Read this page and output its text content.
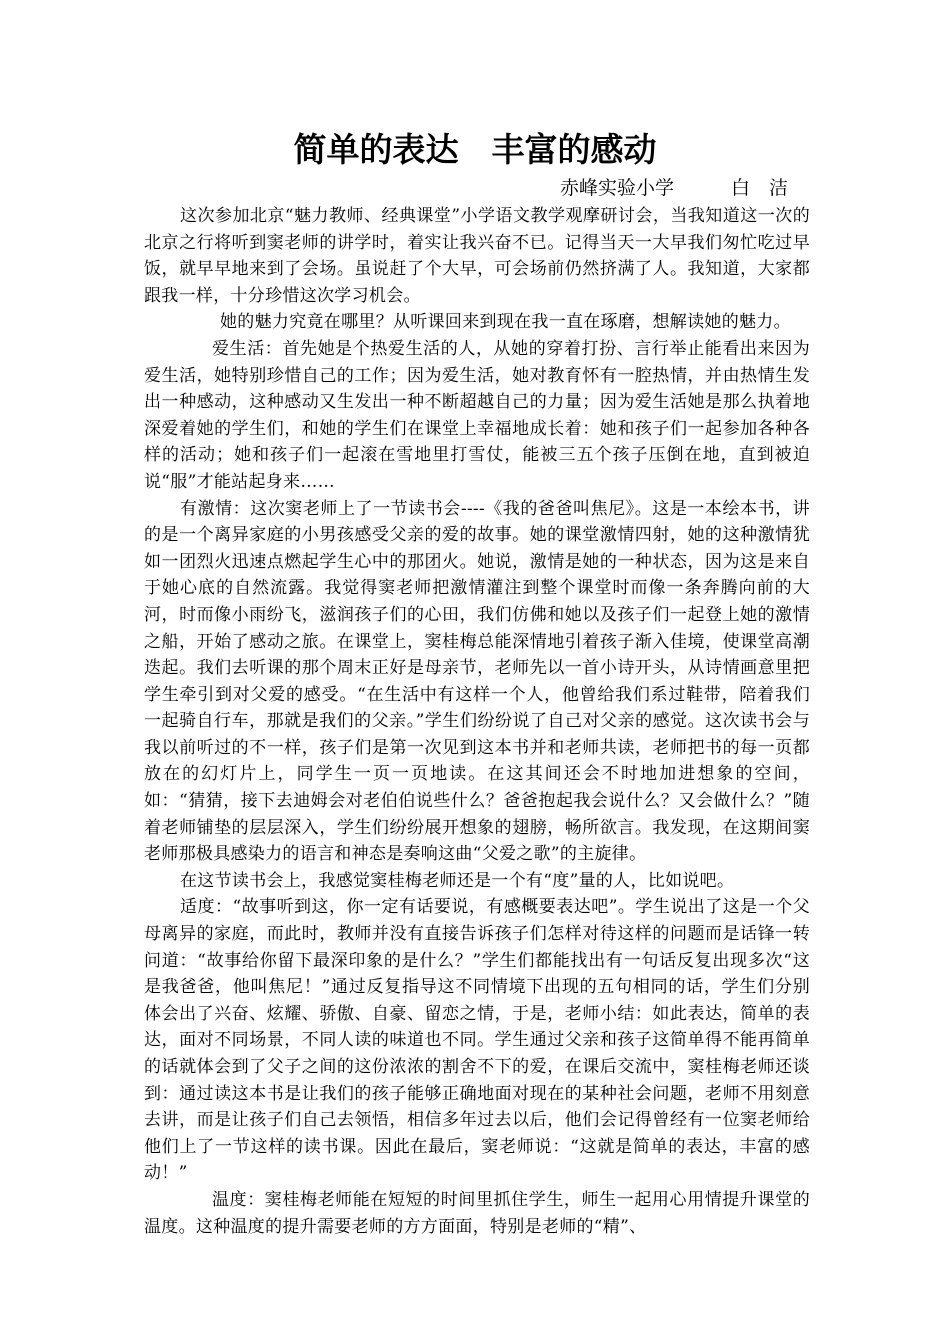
简单的表达　丰富的感动
赤峰实验小学　　　白　洁

这次参加北京“魅力教师、经典课堂”小学语文教学观摩研讨会，当我知道这一次的北京之行将听到窦老师的讲学时，着实让我兴奋不已。记得当天一大早我们匆忙吃过早饭，就早早地来到了会场。虽说赶了个大早，可会场前仍然挤满了人。我知道，大家都跟我一样，十分珍惜这次学习机会。

她的魅力究竟在哪里？从听课回来到现在我一直在琢磨，想解读她的魅力。

爱生活：首先她是个热爱生活的人，从她的穿着打扮、言行举止能看出来因为爱生活，她特别珍惜自己的工作；因为爱生活，她对教育怀有一腔热情，并由热情生发出一种感动，这种感动又生发出一种不断超越自己的力量；因为爱生活她是那么执着地深爱着她的学生们，和她的学生们在课堂上幸福地成长着：她和孩子们一起参加各种各样的活动；她和孩子们一起滚在雪地里打雪仗，能被三五个孩子压倒在地，直到被迫说“服”才能站起身来……

有激情：这次窦老师上了一节读书会----《我的爸爸叫焦尼》。这是一本绘本书，讲的是一个离异家庭的小男孩感受父亲的爱的故事。她的课堂激情四射，她的这种激情犹如一团烈火迅速点燃起学生心中的那团火。她说，激情是她的一种状态，因为这是来自于她心底的自然流露。我觉得窦老师把激情灌注到整个课堂时而像一条奔腾向前的大河，时而像小雨纷飞，滋润孩子们的心田，我们仿佛和她以及孩子们一起登上她的激情之船，开始了感动之旅。在课堂上，窦桂梅总能深情地引着孩子渐入佳境，使课堂高潮迭起。我们去听课的那个周末正好是母亲节，老师先以一首小诗开头，从诗情画意里把学生牵引到对父爱的感受。“在生活中有这样一个人，他曾给我们系过鞋带，陪着我们一起骑自行车，那就是我们的父亲。”学生们纷纷说了自己对父亲的感觉。这次读书会与我以前听过的不一样，孩子们是第一次见到这本书并和老师共读，老师把书的每一页都放在的幻灯片上，同学生一页一页地读。在这其间还会不时地加进想象的空间，如：“猜猜，接下去迪姆会对老伯伯说些什么？爸爸抱起我会说什么？又会做什么？”随着老师铺垫的层层深入，学生们纷纷展开想象的翅膀，畅所欲言。我发现，在这期间窦老师那极具感染力的语言和神态是奏响这曲“父爱之歌”的主旋律。

在这节读书会上，我感觉窦桂梅老师还是一个有“度”量的人，比如说吧。

适度：“故事听到这，你一定有话要说，有感概要表达吧”。学生说出了这是一个父母离异的家庭，而此时，教师并没有直接告诉孩子们怎样对待这样的问题而是话锋一转问道：“故事给你留下最深印象的是什么？”学生们都能找出有一句话反复出现多次“这是我爸爸，他叫焦尼！”通过反复指导这不同情境下出现的五句相同的话，学生们分别体会出了兴奋、炫耀、骄傲、自豪、留恋之情，于是，老师小结：如此表达，简单的表达，面对不同场景，不同人读的味道也不同。学生通过父亲和孩子这简单得不能再简单的话就体会到了父子之间的这份浓浓的割舍不下的爱，在课后交流中，窦桂梅老师还谈到：通过读这本书是让我们的孩子能够正确地面对现在的某种社会问题，老师不用刻意去讲，而是让孩子们自己去领悟，相信多年过去以后，他们会记得曾经有一位窦老师给他们上了一节这样的读书课。因此在最后，窦老师说：“这就是简单的表达，丰富的感动！”

温度：窦桂梅老师能在短短的时间里抓住学生，师生一起用心用情提升课堂的温度。这种温度的提升需要老师的方方面面，特别是老师的“精”、
